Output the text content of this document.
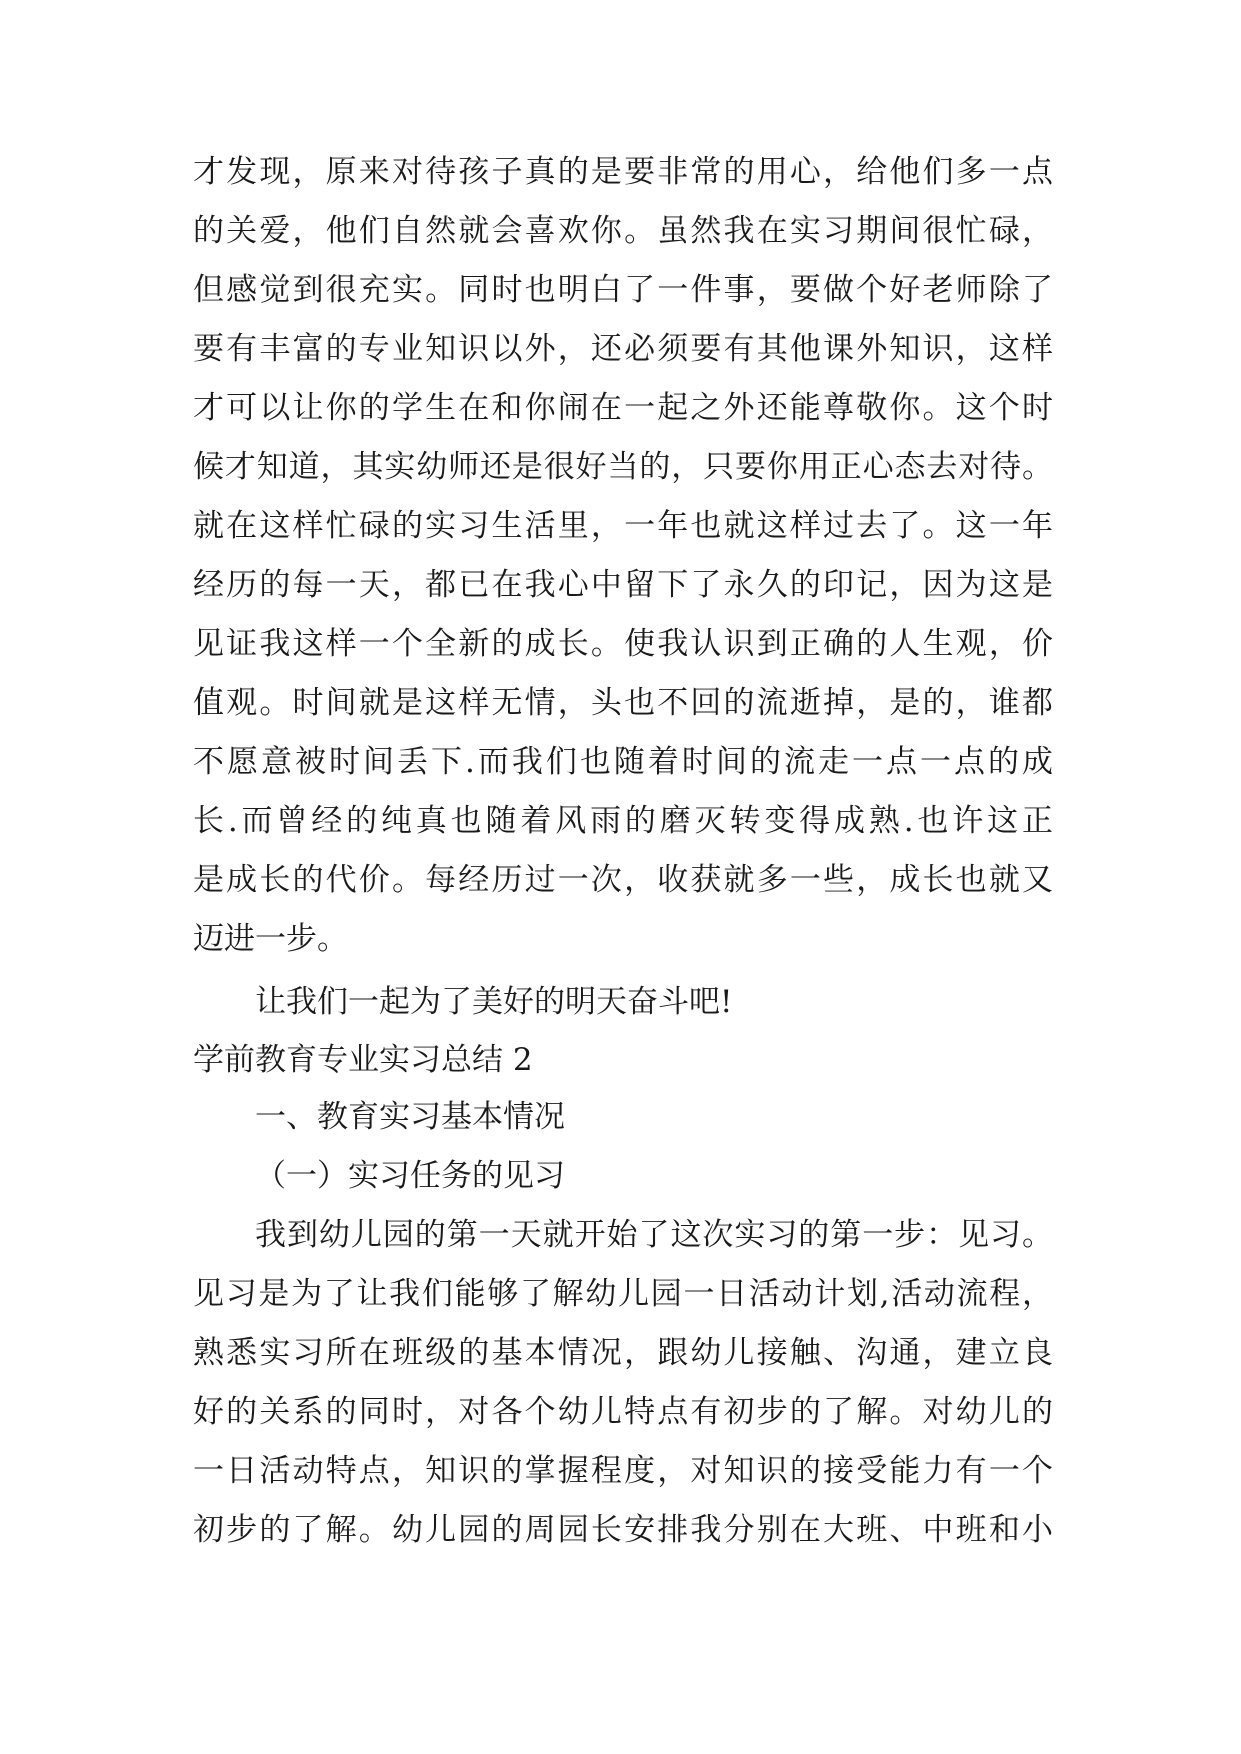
才发现，原来对待孩子真的是要非常的用心，给他们多一点
的关爱，他们自然就会喜欢你。虽然我在实习期间很忙碌，
但感觉到很充实。同时也明白了一件事，要做个好老师除了
要有丰富的专业知识以外，还必须要有其他课外知识，这样
才可以让你的学生在和你闹在一起之外还能尊敬你。这个时
候才知道，其实幼师还是很好当的，只要你用正心态去对待。
就在这样忙碌的实习生活里，一年也就这样过去了。这一年
经历的每一天，都已在我心中留下了永久的印记，因为这是
见证我这样一个全新的成长。使我认识到正确的人生观，价
值观。时间就是这样无情，头也不回的流逝掉，是的，谁都
不愿意被时间丢下.而我们也随着时间的流走一点一点的成
长.而曾经的纯真也随着风雨的磨灭转变得成熟.也许这正
是成长的代价。每经历过一次，收获就多一些，成长也就又
迈进一步。
让我们一起为了美好的明天奋斗吧!
学前教育专业实习总结 2
一、教育实习基本情况
（一）实习任务的见习
我到幼儿园的第一天就开始了这次实习的第一步：见习。
见习是为了让我们能够了解幼儿园一日活动计划,活动流程，
熟悉实习所在班级的基本情况，跟幼儿接触、沟通，建立良
好的关系的同时，对各个幼儿特点有初步的了解。对幼儿的
一日活动特点，知识的掌握程度，对知识的接受能力有一个
初步的了解。幼儿园的周园长安排我分别在大班、中班和小
